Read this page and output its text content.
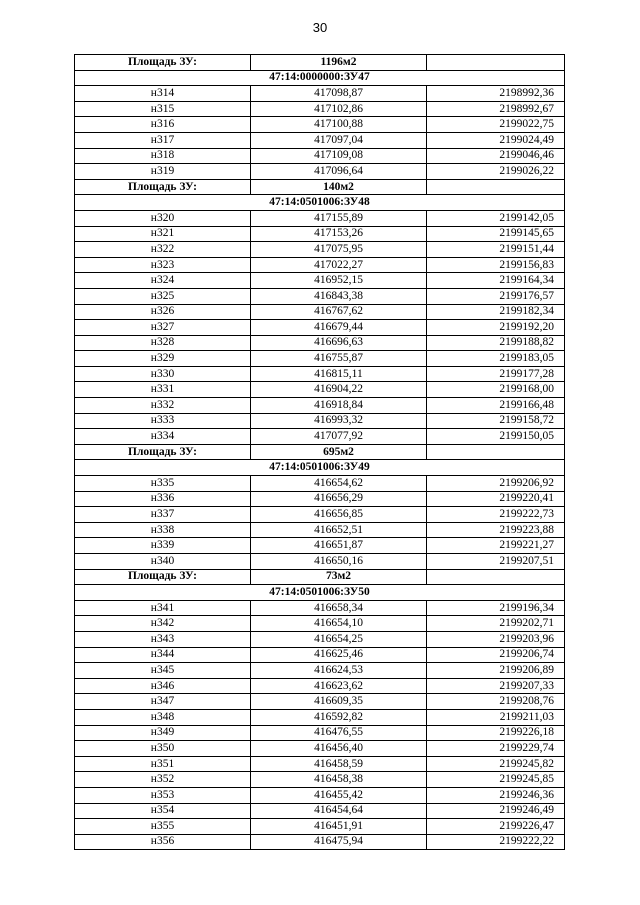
30
Площадь ЗУ:	1196м2	
47:14:0000000:ЗУ47		
н314	417098,87	2198992,36
н315	417102,86	2198992,67
н316	417100,88	2199022,75
н317	417097,04	2199024,49
н318	417109,08	2199046,46
н319	417096,64	2199026,22
Площадь ЗУ:	140м2	
47:14:0501006:ЗУ48		
н320	417155,89	2199142,05
н321	417153,26	2199145,65
н322	417075,95	2199151,44
н323	417022,27	2199156,83
н324	416952,15	2199164,34
н325	416843,38	2199176,57
н326	416767,62	2199182,34
н327	416679,44	2199192,20
н328	416696,63	2199188,82
н329	416755,87	2199183,05
н330	416815,11	2199177,28
н331	416904,22	2199168,00
н332	416918,84	2199166,48
н333	416993,32	2199158,72
н334	417077,92	2199150,05
Площадь ЗУ:	695м2	
47:14:0501006:ЗУ49		
н335	416654,62	2199206,92
н336	416656,29	2199220,41
н337	416656,85	2199222,73
н338	416652,51	2199223,88
н339	416651,87	2199221,27
н340	416650,16	2199207,51
Площадь ЗУ:	73м2	
47:14:0501006:ЗУ50		
н341	416658,34	2199196,34
н342	416654,10	2199202,71
н343	416654,25	2199203,96
н344	416625,46	2199206,74
н345	416624,53	2199206,89
н346	416623,62	2199207,33
н347	416609,35	2199208,76
н348	416592,82	2199211,03
н349	416476,55	2199226,18
н350	416456,40	2199229,74
н351	416458,59	2199245,82
н352	416458,38	2199245,85
н353	416455,42	2199246,36
н354	416454,64	2199246,49
н355	416451,91	2199226,47
н356	416475,94	2199222,22
